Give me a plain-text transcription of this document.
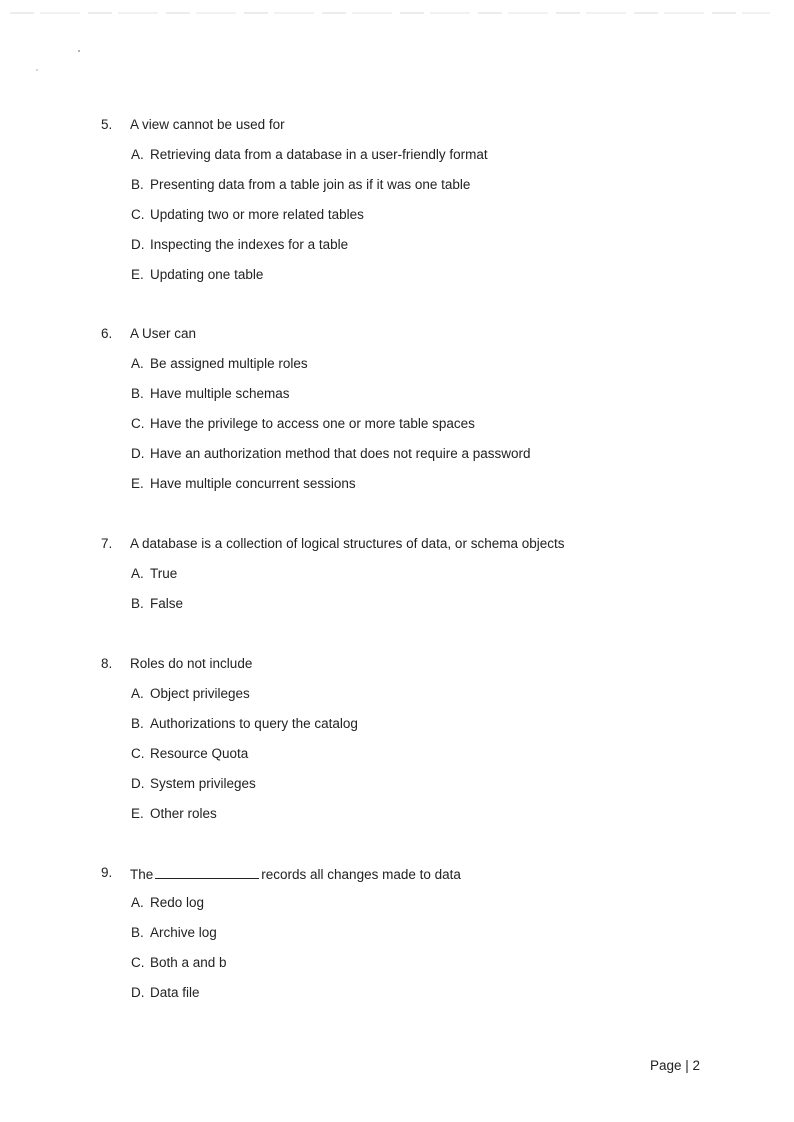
5.	A view cannot be used for
A. Retrieving data from a database in a user-friendly format
B. Presenting data from a table join as if it was one table
C. Updating two or more related tables
D. Inspecting the indexes for a table
E. Updating one table
6.	A User can
A. Be assigned multiple roles
B. Have multiple schemas
C. Have the privilege to access one or more table spaces
D. Have an authorization method that does not require a password
E. Have multiple concurrent sessions
7.	A database is a collection of logical structures of data, or schema objects
A. True
B. False
8.	Roles do not include
A. Object privileges
B. Authorizations to query the catalog
C. Resource Quota
D. System privileges
E. Other roles
9.	The	records all changes made to data
A. Redo log
B. Archive log
C. Both a and b
D. Data file
Page | 2
